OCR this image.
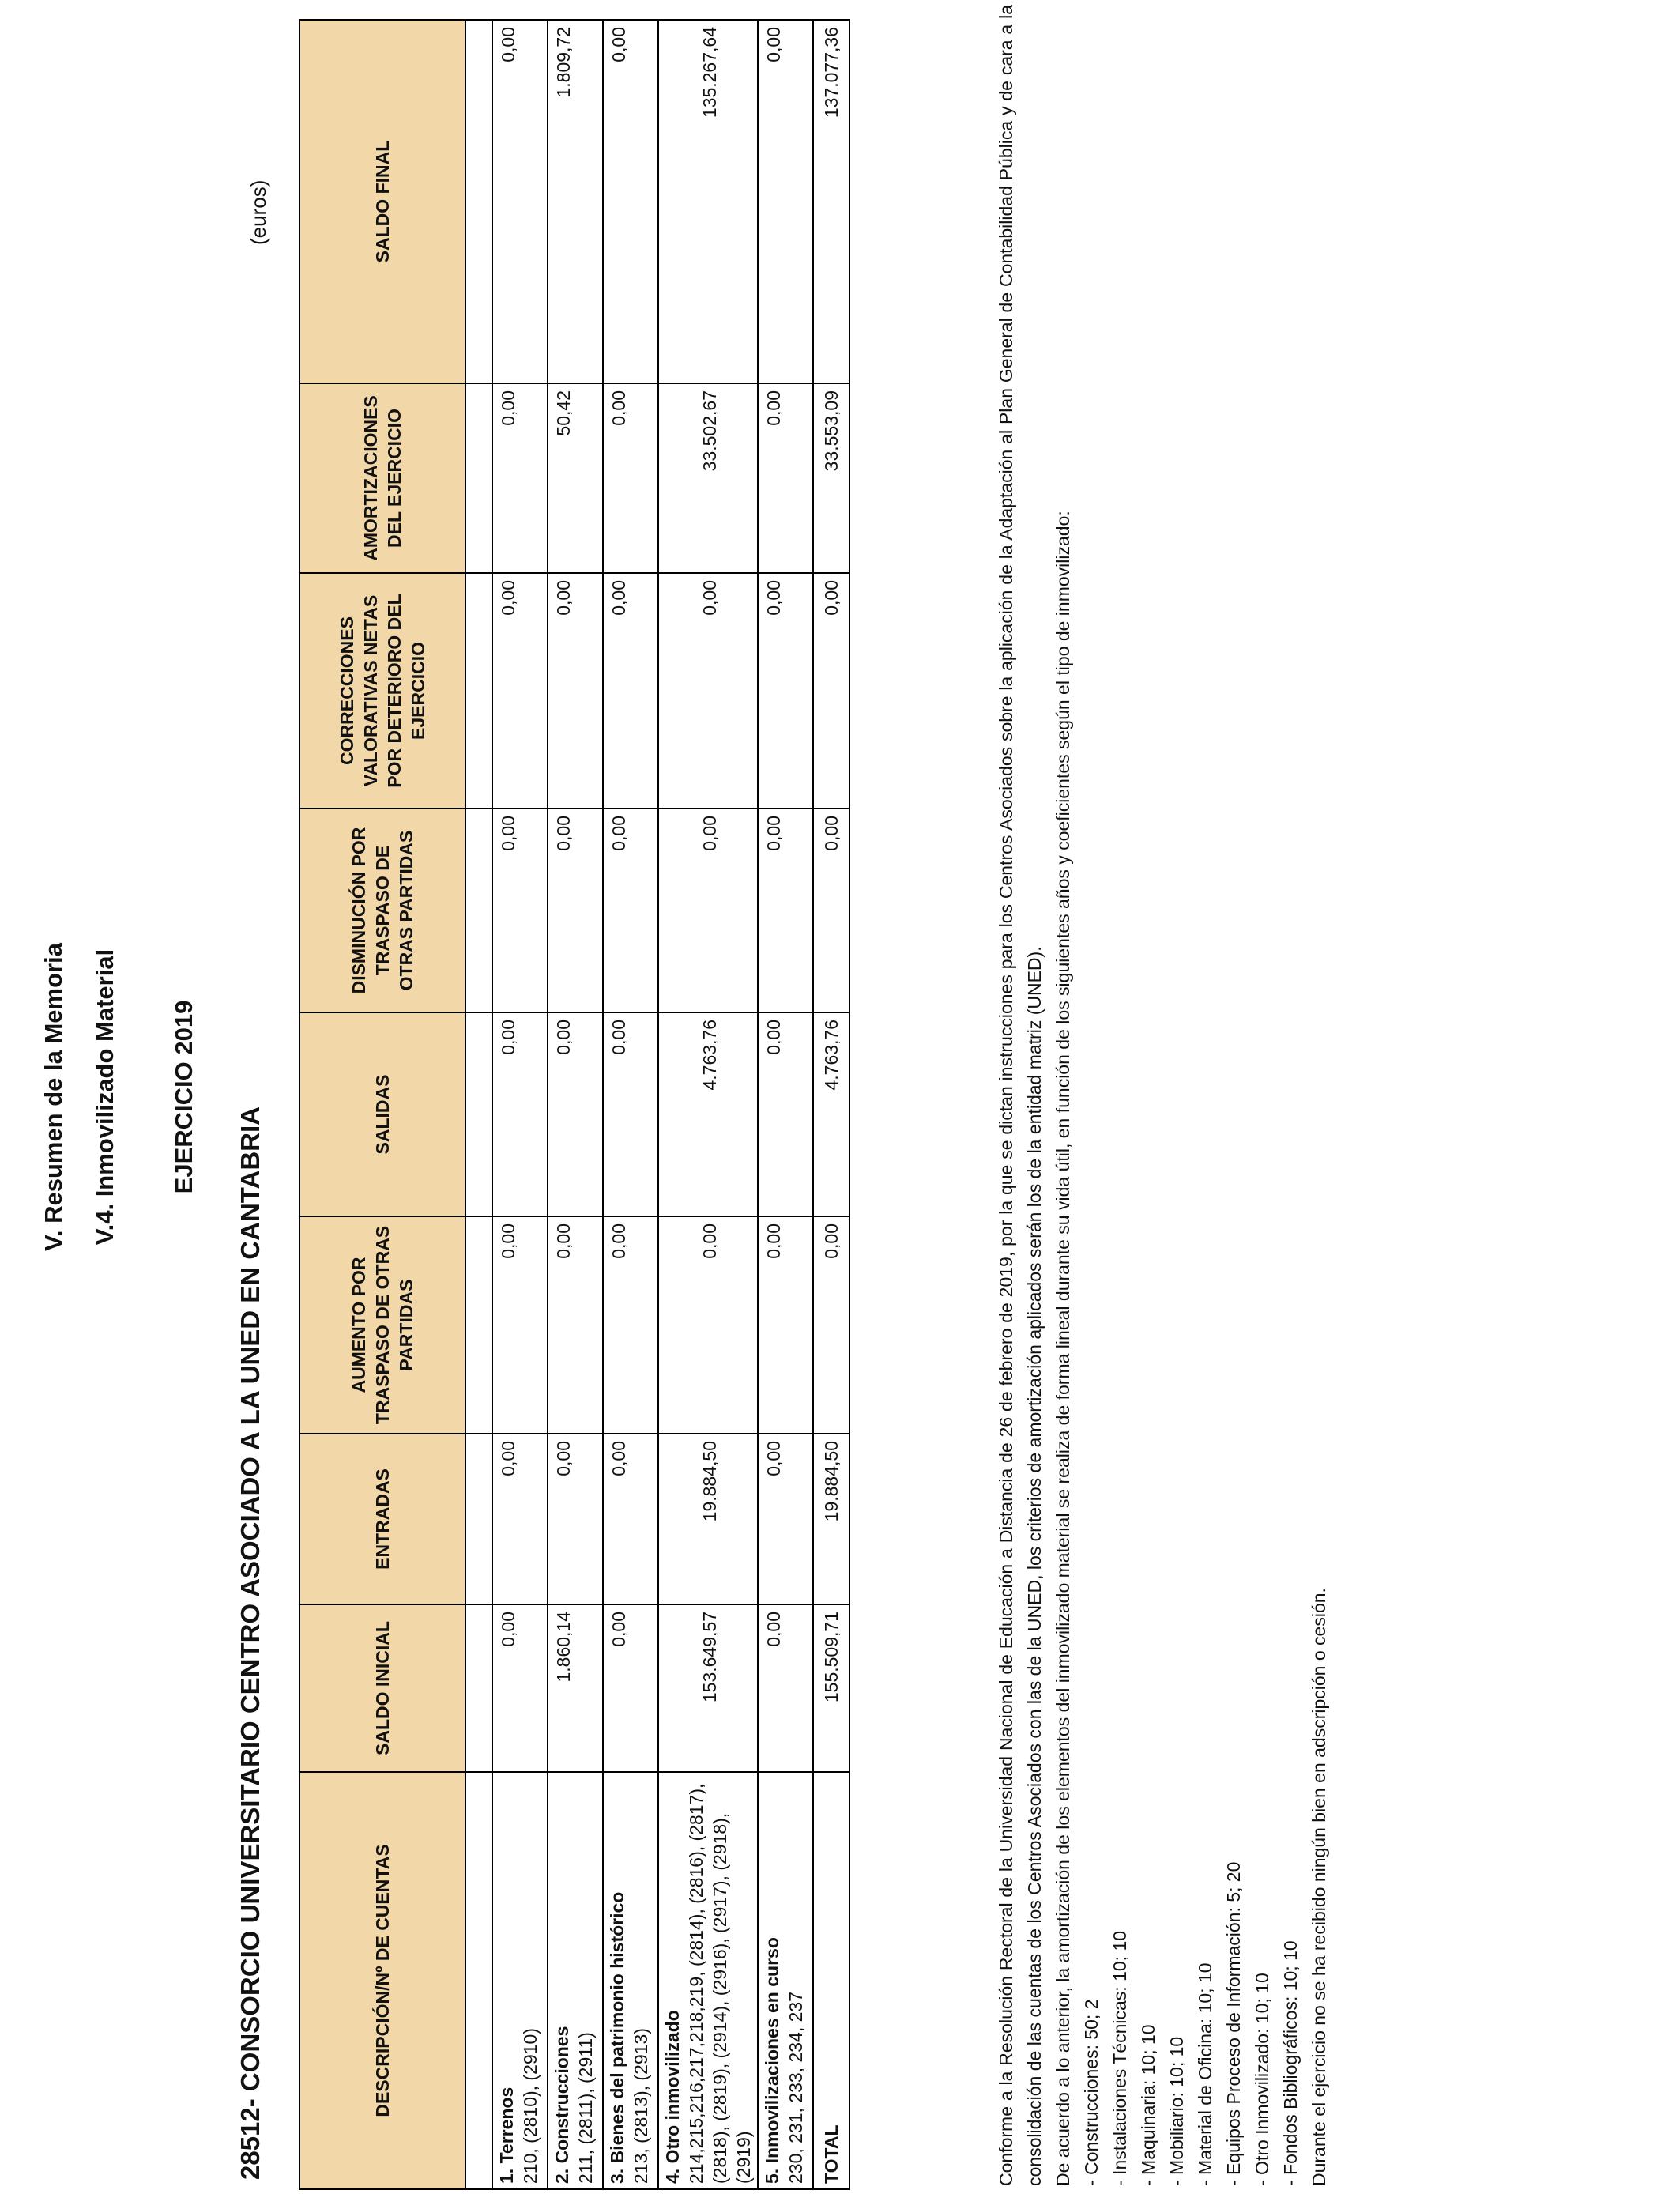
V. Resumen de la Memoria V.4. Inmovilizado Material EJERCICIO 2019
28512- CONSORCIO UNIVERSITARIO CENTRO ASOCIADO A LA UNED EN CANTABRIA
(euros)
DESCRIPCIÓN/Nº DE CUENTAS	SALDO INICIAL	ENTRADAS	AUMENTO POR TRASPASO DE OTRAS PARTIDAS	SALIDAS	DISMINUCIÓN POR TRASPASO DE OTRAS PARTIDAS	CORRECCIONES VALORATIVAS NETAS POR DETERIORO DEL EJERCICIO	AMORTIZACIONES DEL EJERCICIO	SALDO FINAL

1. Terrenos 210, (2810), (2910)	0,00	0,00	0,00	0,00	0,00	0,00	0,00	0,00

2. Construcciones 211, (2811), (2911)	1.860,14	0,00	0,00	0,00	0,00	0,00	50,42	1.809,72

3. Bienes del patrimonio histórico 213, (2813), (2913)	0,00	0,00	0,00	0,00	0,00	0,00	0,00	0,00

4. Otro inmovilizado 214,215,216,217,218,219, (2814), (2816), (2817), (2818), (2819), (2914), (2916), (2917), (2918), (2919)	153.649,57	19.884,50	0,00	4.763,76	0,00	0,00	33.502,67	135.267,64

5. Inmovilizaciones en curso 230, 231, 233, 234, 237	0,00	0,00	0,00	0,00	0,00	0,00	0,00	0,00
TOTAL	155.509,71	19.884,50	0,00	4.763,76	0,00	0,00	33.553,09	137.077,36	Conforme a la Resolución Rectoral de la Universidad Nacional de Educación a Distancia de 26 de febrero de 2019, por la que se dictan instrucciones para los Centros Asociados sobre la aplicación de la Adaptación al Plan General de Contabilidad Pública y de cara a la consolidación de las cuentas de los Centros Asociados con las de la UNED, los criterios de amortización aplicados serán los de la entidad matriz (UNED). De acuerdo a lo anterior, la amortización de los elementos del inmovilizado material se realiza de forma lineal durante su vida útil, en función de los siguientes años y coeficientes según el tipo de inmovilizado: - Construcciones: 50; 2 - Instalaciones Técnicas: 10; 10 - Maquinaria: 10; 10 - Mobiliario: 10; 10 - Material de Oficina: 10; 10 - Equipos Proceso de Información: 5; 20 - Otro Inmovilizado: 10; 10 - Fondos Bibliográficos: 10; 10 Durante el ejercicio no se ha recibido ningún bien en adscripción o cesión.
